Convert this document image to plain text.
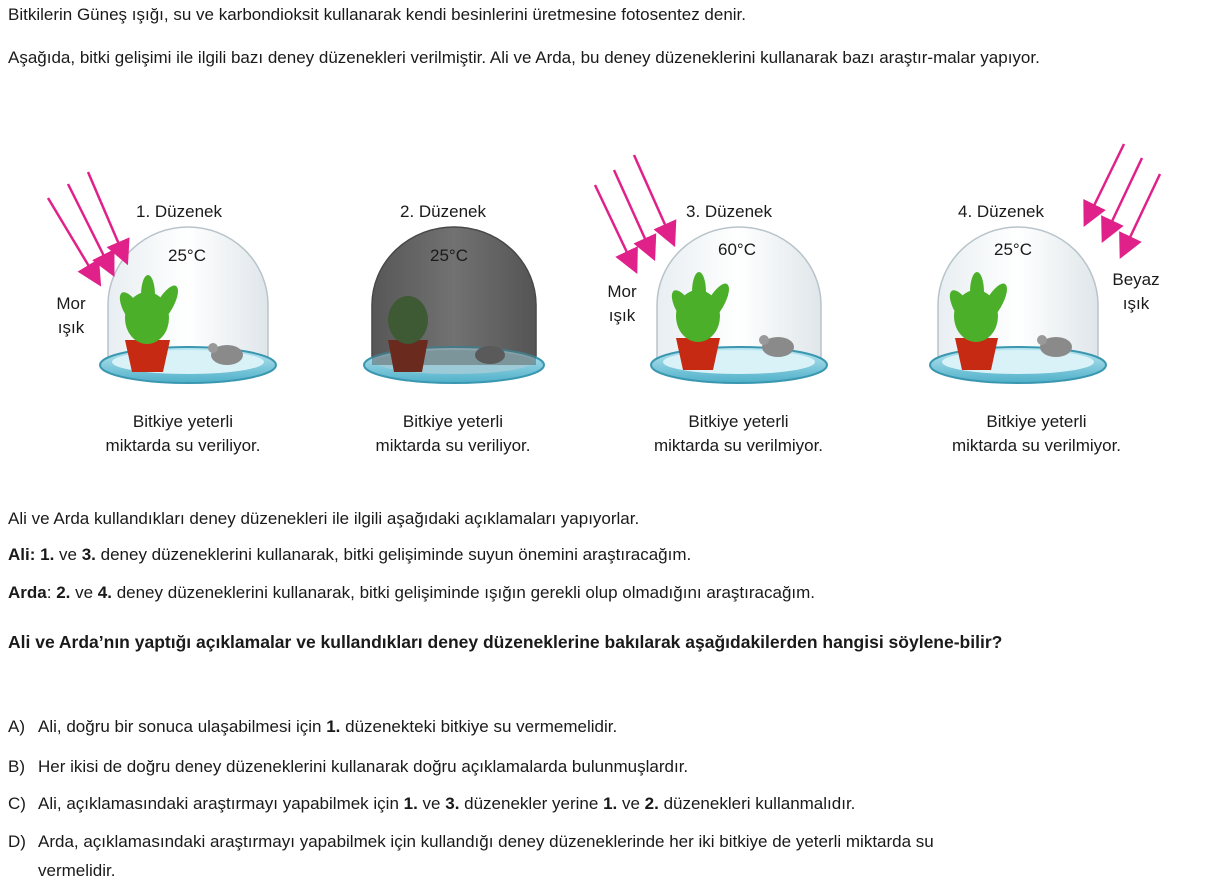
Bitkilerin Güneş ışığı, su ve karbondioksit kullanarak kendi besinlerini üretmesine fotosentez denir.

Aşağıda, bitki gelişimi ile ilgili bazı deney düzenekleri verilmiştir. Ali ve Arda, bu deney düzeneklerini kullanarak bazı araştır-malar yapıyor.

1. Düzenek
25°C
Mor ışık
Bitkiye yeterli
miktarda su veriliyor.
2. Düzenek
25°C
Bitkiye yeterli
miktarda su veriliyor.
3. Düzenek
60°C
Mor ışık
Bitkiye yeterli
miktarda su verilmiyor.
4. Düzenek
25°C
Beyaz ışık
Bitkiye yeterli
miktarda su verilmiyor.

Ali ve Arda kullandıkları deney düzenekleri ile ilgili aşağıdaki açıklamaları yapıyorlar.

Ali: 1. ve 3. deney düzeneklerini kullanarak, bitki gelişiminde suyun önemini araştıracağım.

Arda: 2. ve 4. deney düzeneklerini kullanarak, bitki gelişiminde ışığın gerekli olup olmadığını araştıracağım.

Ali ve Arda’nın yaptığı açıklamalar ve kullandıkları deney düzeneklerine bakılarak aşağıdakilerden hangisi söylene-bilir?

A) Ali, doğru bir sonuca ulaşabilmesi için 1. düzenekteki bitkiye su vermemelidir.
B) Her ikisi de doğru deney düzeneklerini kullanarak doğru açıklamalarda bulunmuşlardır.
C) Ali, açıklamasındaki araştırmayı yapabilmek için 1. ve 3. düzenekler yerine 1. ve 2. düzenekleri kullanmalıdır.
D) Arda, açıklamasındaki araştırmayı yapabilmek için kullandığı deney düzeneklerinde her iki bitkiye de yeterli miktarda su
vermelidir.
